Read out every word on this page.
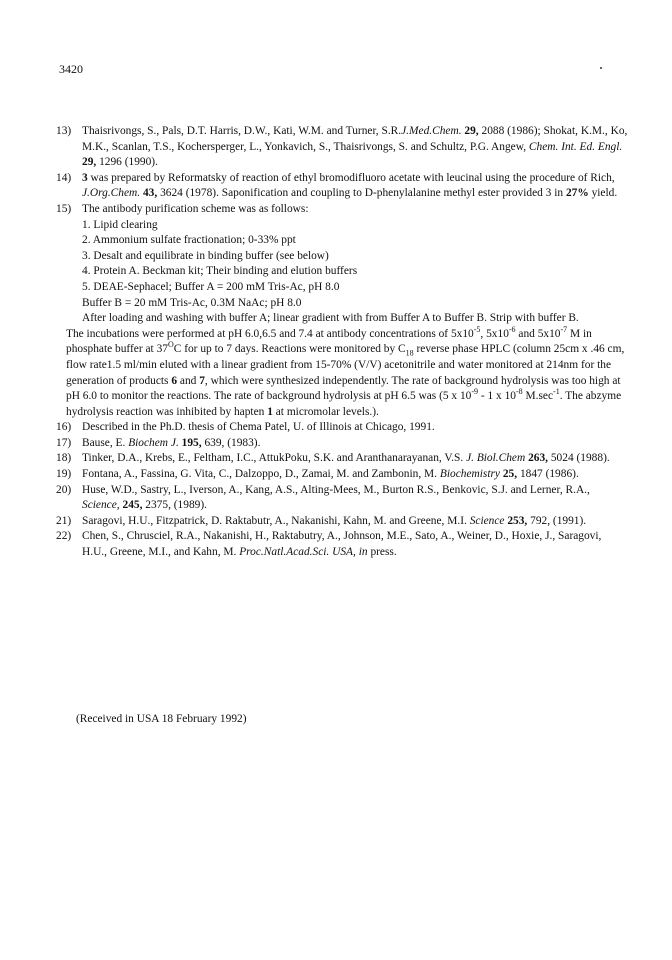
3420
13) Thaisrivongs, S., Pals, D.T. Harris, D.W., Kati, W.M. and Turner, S.R.J.Med.Chem. 29, 2088 (1986); Shokat, K.M., Ko, M.K., Scanlan, T.S., Kochersperger, L., Yonkavich, S., Thaisrivongs, S. and Schultz, P.G. Angew, Chem. Int. Ed. Engl. 29, 1296 (1990).

14) 3 was prepared by Reformatsky of reaction of ethyl bromodifluoro acetate with leucinal using the procedure of Rich, J.Org.Chem. 43, 3624 (1978). Saponification and coupling to D-phenylalanine methyl ester provided 3 in 27% yield.

15) The antibody purification scheme was as follows:

1. Lipid clearing

2. Ammonium sulfate fractionation; 0-33% ppt

3. Desalt and equilibrate in binding buffer (see below)

4. Protein A. Beckman kit; Their binding and elution buffers

5. DEAE-Sephacel; Buffer A = 200 mM Tris-Ac, pH 8.0

Buffer B = 20 mM Tris-Ac, 0.3M NaAc; pH 8.0

After loading and washing with buffer A; linear gradient with from Buffer A to Buffer B. Strip with buffer B.

The incubations were performed at pH 6.0,6.5 and 7.4 at antibody concentrations of $5x10^{-5}$, $5x10^{-6}$ and $5x10^{-7}$ M in phosphate buffer at $37^OC$ for up to 7 days. Reactions were monitored by $C_{18}$ reverse phase HPLC (column 25cm x .46 cm, flow rate1.5 ml/min eluted with a linear gradient from 15-70% (V/V) acetonitrile and water monitored at 214nm for the generation of products 6 and 7, which were synthesized independently. The rate of background hydrolysis was too high at pH 6.0 to monitor the reactions. The rate of background hydrolysis at pH 6.5 was (5 x $10^{-9} - 1$ x $10^{-8}$ $M.\sec^{-1}$. The abzyme hydrolysis reaction was inhibited by hapten 1 at micromolar levels.).

16) Described in the Ph.D. thesis of Chema Patel, U. of Illinois at Chicago, 1991.

17) Bause, E. Biochem J. 195, 639, (1983).

18) Tinker, D.A., Krebs, E., Feltham, I.C., AttukPoku, S.K. and Aranthanarayanan, V.S. J. Biol.Chem 263, 5024 (1988).

19) Fontana, A., Fassina, G. Vita, C., Dalzoppo, D., Zamai, M. and Zambonin, M. Biochemistry 25, 1847 (1986).

20) Huse, W.D., Sastry, L., Iverson, A., Kang, A.S., Alting-Mees, M., Burton R.S., Benkovic, S.J. and Lerner, R.A., Science, 245, 2375, (1989).

21) Saragovi, H.U., Fitzpatrick, D. Raktabutr, A., Nakanishi, Kahn, M. and Greene, M.I. Science 253, 792, (1991).

22) Chen, S., Chrusciel, R.A., Nakanishi, H., Raktabutry, A., Johnson, M.E., Sato, A., Weiner, D., Hoxie, J., Saragovi, H.U., Greene, M.I., and Kahn, M. Proc.Natl.Acad.Sci. USA, in press.

(Received in USA 18 February 1992)
